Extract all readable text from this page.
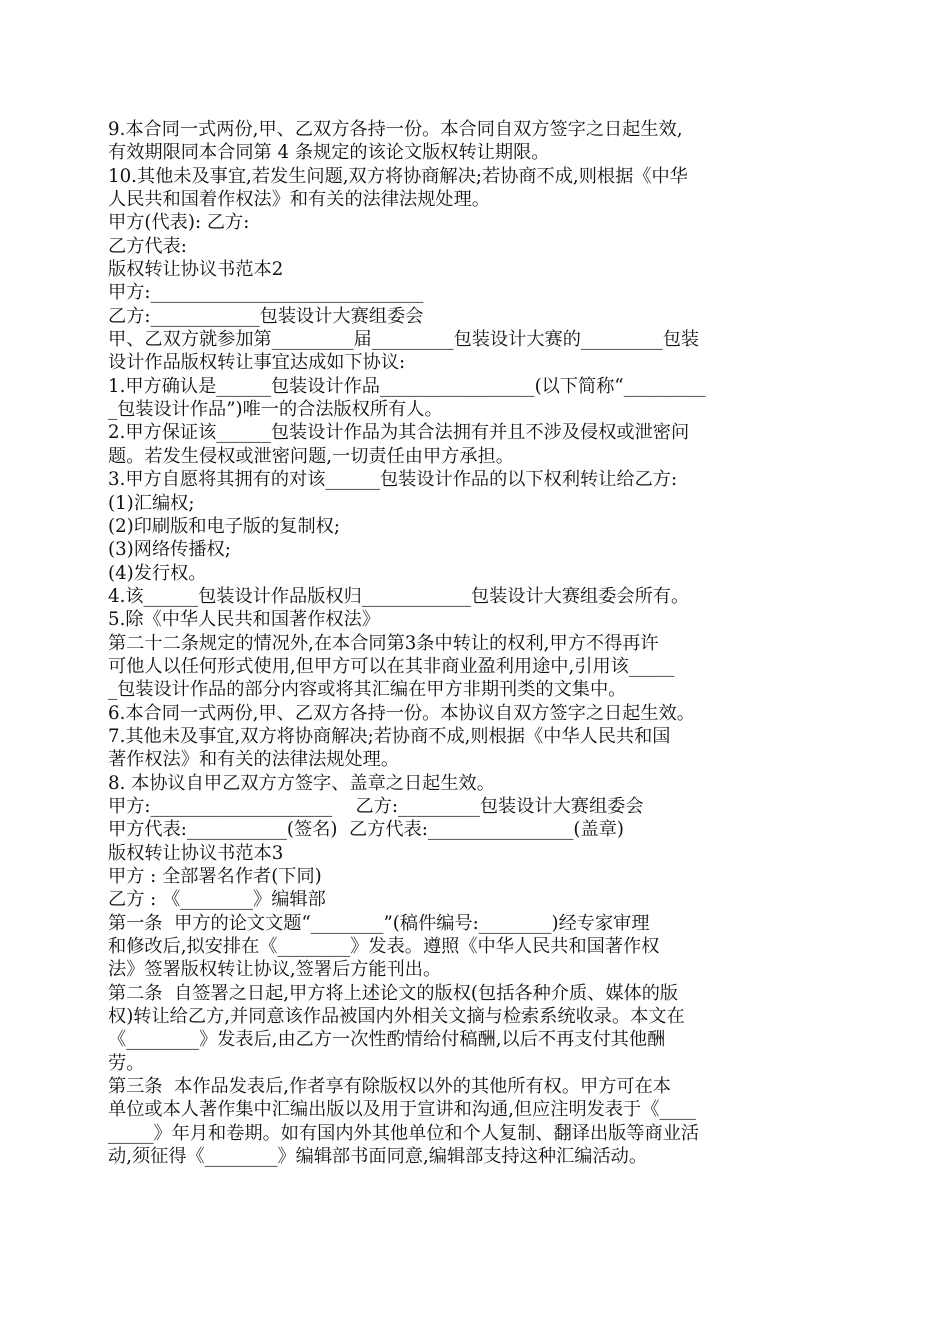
9.本合同一式两份,甲、乙双方各持一份。本合同自双方签字之日起生效,
有效期限同本合同第 4 条规定的该论文版权转让期限。
10.其他未及事宜,若发生问题,双方将协商解决;若协商不成,则根据《中华
人民共和国着作权法》和有关的法律法规处理。
甲方(代表): 乙方:
乙方代表:
版权转让协议书范本2
甲方:______________________________
乙方:____________包装设计大赛组委会
甲、乙双方就参加第_________届_________包装设计大赛的_________包装
设计作品版权转让事宜达成如下协议:
1.甲方确认是______包装设计作品_________________(以下简称“_________
_包装设计作品”)唯一的合法版权所有人。
2.甲方保证该______包装设计作品为其合法拥有并且不涉及侵权或泄密问
题。若发生侵权或泄密问题,一切责任由甲方承担。
3.甲方自愿将其拥有的对该______包装设计作品的以下权利转让给乙方:
(1)汇编权;
(2)印刷版和电子版的复制权;
(3)网络传播权;
(4)发行权。
4.该______包装设计作品版权归____________包装设计大赛组委会所有。
5.除《中华人民共和国著作权法》
第二十二条规定的情况外,在本合同第3条中转让的权利,甲方不得再许
可他人以任何形式使用,但甲方可以在其非商业盈利用途中,引用该_____
_包装设计作品的部分内容或将其汇编在甲方非期刊类的文集中。
6.本合同一式两份,甲、乙双方各持一份。本协议自双方签字之日起生效。
7.其他未及事宜,双方将协商解决;若协商不成,则根据《中华人民共和国
著作权法》和有关的法律法规处理。
8. 本协议自甲乙双方方签字、盖章之日起生效。
甲方:____________________    乙方:_________包装设计大赛组委会
甲方代表:___________(签名)  乙方代表:________________(盖章)
版权转让协议书范本3
甲方 : 全部署名作者(下同)
乙方 : 《________》编辑部
第一条  甲方的论文文题“________”(稿件编号:________)经专家审理
和修改后,拟安排在《________》发表。遵照《中华人民共和国著作权
法》签署版权转让协议,签署后方能刊出。
第二条  自签署之日起,甲方将上述论文的版权(包括各种介质、媒体的版
权)转让给乙方,并同意该作品被国内外相关文摘与检索系统收录。本文在
《________》发表后,由乙方一次性酌情给付稿酬,以后不再支付其他酬
劳。
第三条  本作品发表后,作者享有除版权以外的其他所有权。甲方可在本
单位或本人著作集中汇编出版以及用于宣讲和沟通,但应注明发表于《____
_____》年月和卷期。如有国内外其他单位和个人复制、翻译出版等商业活
动,须征得《________》编辑部书面同意,编辑部支持这种汇编活动。
